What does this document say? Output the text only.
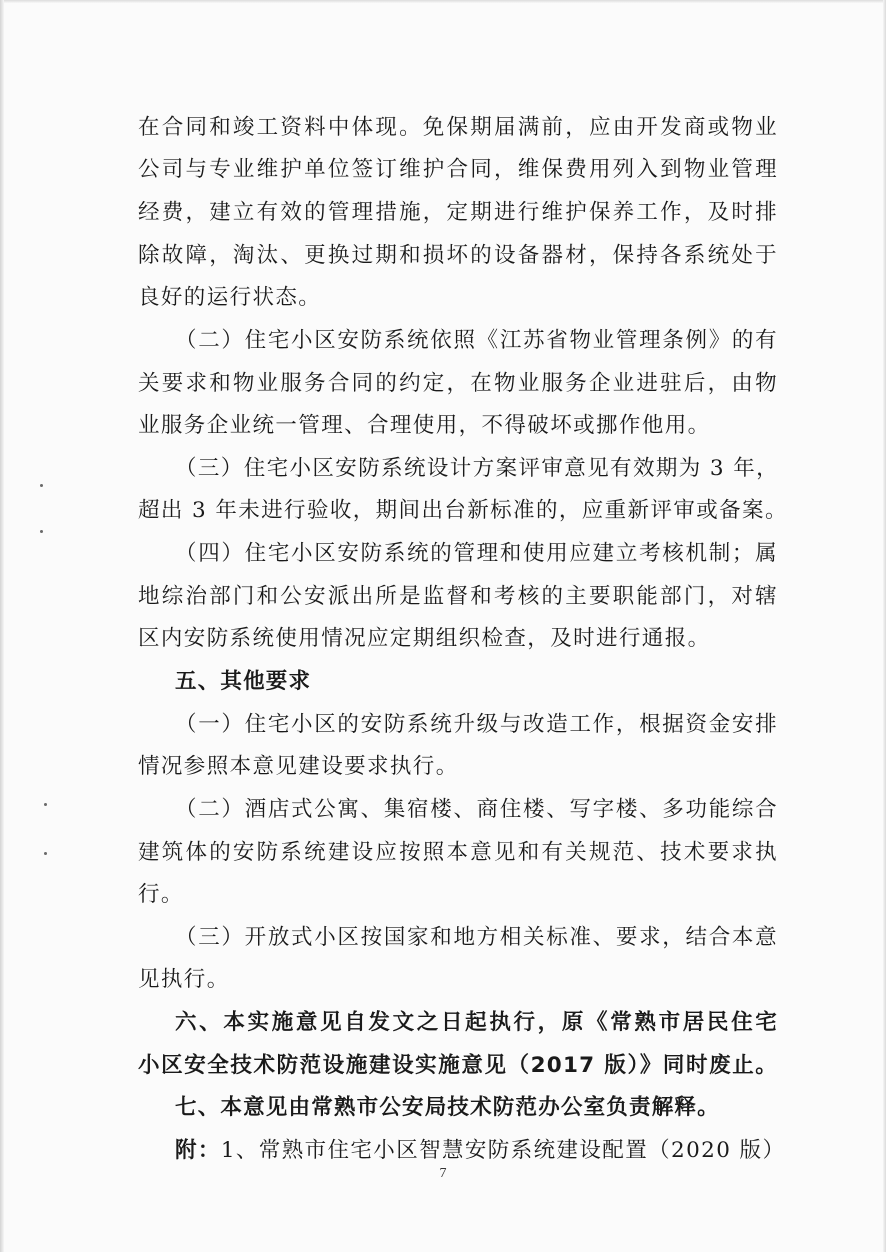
在合同和竣工资料中体现。免保期届满前，应由开发商或物业
公司与专业维护单位签订维护合同，维保费用列入到物业管理
经费，建立有效的管理措施，定期进行维护保养工作，及时排
除故障，淘汰、更换过期和损坏的设备器材，保持各系统处于
良好的运行状态。
（二）住宅小区安防系统依照《江苏省物业管理条例》的有
关要求和物业服务合同的约定，在物业服务企业进驻后，由物
业服务企业统一管理、合理使用，不得破坏或挪作他用。
（三）住宅小区安防系统设计方案评审意见有效期为 3 年，
超出 3 年未进行验收，期间出台新标准的，应重新评审或备案。
（四）住宅小区安防系统的管理和使用应建立考核机制；属
地综治部门和公安派出所是监督和考核的主要职能部门，对辖
区内安防系统使用情况应定期组织检查，及时进行通报。
五、其他要求
（一）住宅小区的安防系统升级与改造工作，根据资金安排
情况参照本意见建设要求执行。
（二）酒店式公寓、集宿楼、商住楼、写字楼、多功能综合
建筑体的安防系统建设应按照本意见和有关规范、技术要求执
行。
（三）开放式小区按国家和地方相关标准、要求，结合本意
见执行。
六、本实施意见自发文之日起执行，原《常熟市居民住宅
小区安全技术防范设施建设实施意见（2017 版）》同时废止。
七、本意见由常熟市公安局技术防范办公室负责解释。
附：1、常熟市住宅小区智慧安防系统建设配置（2020 版）
7
